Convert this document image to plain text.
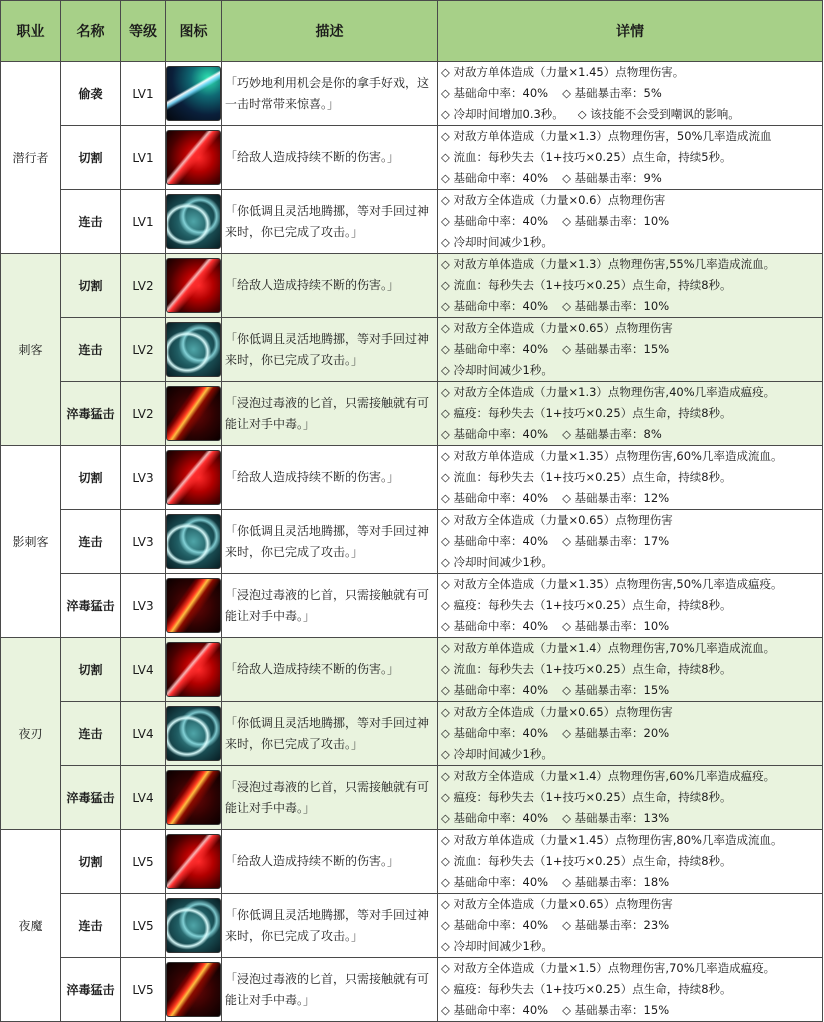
职业	名称	等级	图标	描述	详情
潜行者	偷袭	LV1		「巧妙地利用机会是你的拿手好戏，这一击时常带来惊喜。」	◇ 对敌方单体造成（力量×1.45）点物理伤害。
◇ 基础命中率：40% ◇ 基础暴击率：5%
◇ 冷却时间增加0.3秒。 ◇ 该技能不会受到嘲讽的影响。

	切割	LV1		「给敌人造成持续不断的伤害。」	◇ 对敌方单体造成（力量×1.3）点物理伤害，50%几率造成流血
◇ 流血：每秒失去（1+技巧×0.25）点生命，持续5秒。
◇ 基础命中率：40% ◇ 基础暴击率：9%

	连击	LV1		「你低调且灵活地腾挪，等对手回过神来时，你已完成了攻击。」	◇ 对敌方全体造成（力量×0.6）点物理伤害
◇ 基础命中率：40% ◇ 基础暴击率：10%
◇ 冷却时间减少1秒。

刺客	切割	LV2		「给敌人造成持续不断的伤害。」	◇ 对敌方单体造成（力量×1.3）点物理伤害,55%几率造成流血。
◇ 流血：每秒失去（1+技巧×0.25）点生命，持续8秒。
◇ 基础命中率：40% ◇ 基础暴击率：10%

	连击	LV2		「你低调且灵活地腾挪，等对手回过神来时，你已完成了攻击。」	◇ 对敌方全体造成（力量×0.65）点物理伤害
◇ 基础命中率：40% ◇ 基础暴击率：15%
◇ 冷却时间减少1秒。

	淬毒猛击	LV2		「浸泡过毒液的匕首，只需接触就有可能让对手中毒。」	◇ 对敌方全体造成（力量×1.3）点物理伤害,40%几率造成瘟疫。
◇ 瘟疫：每秒失去（1+技巧×0.25）点生命，持续8秒。
◇ 基础命中率：40% ◇ 基础暴击率：8%

影刺客	切割	LV3		「给敌人造成持续不断的伤害。」	◇ 对敌方单体造成（力量×1.35）点物理伤害,60%几率造成流血。
◇ 流血：每秒失去（1+技巧×0.25）点生命，持续8秒。
◇ 基础命中率：40% ◇ 基础暴击率：12%

	连击	LV3		「你低调且灵活地腾挪，等对手回过神来时，你已完成了攻击。」	◇ 对敌方全体造成（力量×0.65）点物理伤害
◇ 基础命中率：40% ◇ 基础暴击率：17%
◇ 冷却时间减少1秒。

	淬毒猛击	LV3		「浸泡过毒液的匕首，只需接触就有可能让对手中毒。」	◇ 对敌方全体造成（力量×1.35）点物理伤害,50%几率造成瘟疫。
◇ 瘟疫：每秒失去（1+技巧×0.25）点生命，持续8秒。
◇ 基础命中率：40% ◇ 基础暴击率：10%

夜刃	切割	LV4		「给敌人造成持续不断的伤害。」	◇ 对敌方单体造成（力量×1.4）点物理伤害,70%几率造成流血。
◇ 流血：每秒失去（1+技巧×0.25）点生命，持续8秒。
◇ 基础命中率：40% ◇ 基础暴击率：15%

	连击	LV4		「你低调且灵活地腾挪，等对手回过神来时，你已完成了攻击。」	◇ 对敌方全体造成（力量×0.65）点物理伤害
◇ 基础命中率：40% ◇ 基础暴击率：20%
◇ 冷却时间减少1秒。

	淬毒猛击	LV4		「浸泡过毒液的匕首，只需接触就有可能让对手中毒。」	◇ 对敌方全体造成（力量×1.4）点物理伤害,60%几率造成瘟疫。
◇ 瘟疫：每秒失去（1+技巧×0.25）点生命，持续8秒。
◇ 基础命中率：40% ◇ 基础暴击率：13%

夜魔	切割	LV5		「给敌人造成持续不断的伤害。」	◇ 对敌方单体造成（力量×1.45）点物理伤害,80%几率造成流血。
◇ 流血：每秒失去（1+技巧×0.25）点生命，持续8秒。
◇ 基础命中率：40% ◇ 基础暴击率：18%

	连击	LV5		「你低调且灵活地腾挪，等对手回过神来时，你已完成了攻击。」	◇ 对敌方全体造成（力量×0.65）点物理伤害
◇ 基础命中率：40% ◇ 基础暴击率：23%
◇ 冷却时间减少1秒。

	淬毒猛击	LV5		「浸泡过毒液的匕首，只需接触就有可能让对手中毒。」	◇ 对敌方全体造成（力量×1.5）点物理伤害,70%几率造成瘟疫。
◇ 瘟疫：每秒失去（1+技巧×0.25）点生命，持续8秒。
◇ 基础命中率：40% ◇ 基础暴击率：15%
